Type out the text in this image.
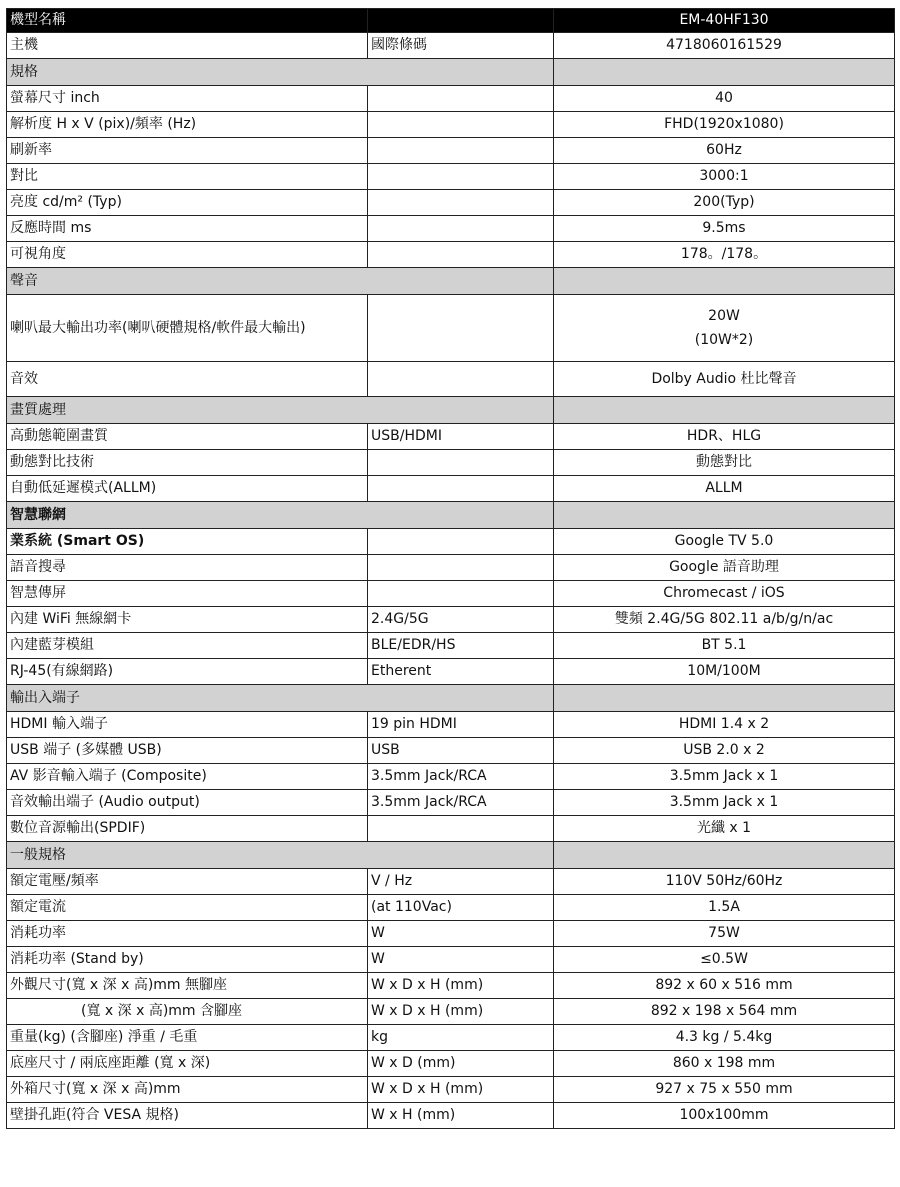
機型名稱		EM-40HF130
主機	國際條碼	4718060161529
規格		
螢幕尺寸 inch		40
解析度 H x V (pix)/頻率 (Hz)		FHD(1920x1080)
刷新率		60Hz
對比		3000:1
亮度 cd/m² (Typ)		200(Typ)
反應時間 ms		9.5ms
可視角度		178。/178。
聲音		
喇叭最大輸出功率(喇叭硬體規格/軟件最大輸出)		20W
(10W*2)

音效		Dolby Audio 杜比聲音
畫質處理		
高動態範圍畫質	USB/HDMI	HDR、HLG
動態對比技術		動態對比
自動低延遲模式(ALLM)		ALLM
智慧聯網		
業系統 (Smart OS)		Google TV 5.0
語音搜尋		Google 語音助理
智慧傳屏		Chromecast / iOS
內建 WiFi 無線網卡	2.4G/5G	雙頻 2.4G/5G 802.11 a/b/g/n/ac
內建藍芽模組	BLE/EDR/HS	BT 5.1
RJ-45(有線網路)	Etherent	10M/100M
輸出入端子		
HDMI 輸入端子	19 pin HDMI	HDMI 1.4 x 2
USB 端子 (多媒體 USB)	USB	USB 2.0 x 2
AV 影音輸入端子 (Composite)	3.5mm Jack/RCA	3.5mm Jack x 1
音效輸出端子 (Audio output)	3.5mm Jack/RCA	3.5mm Jack x 1
數位音源輸出(SPDIF)		光纖 x 1
一般規格		
額定電壓/頻率	V / Hz	110V 50Hz/60Hz
額定電流	(at 110Vac)	1.5A
消耗功率	W	75W
消耗功率 (Stand by)	W	≤0.5W
外觀尺寸(寬 x 深 x 高)mm 無腳座	W x D x H (mm)	892 x 60 x 516 mm
(寬 x 深 x 高)mm 含腳座	W x D x H (mm)	892 x 198 x 564 mm
重量(kg) (含腳座) 淨重 / 毛重	kg	4.3 kg / 5.4kg
底座尺寸 / 兩底座距離 (寬 x 深)	W x D (mm)	860 x 198 mm
外箱尺寸(寬 x 深 x 高)mm	W x D x H (mm)	927 x 75 x 550 mm
壁掛孔距(符合 VESA 規格)	W x H (mm)	100x100mm
